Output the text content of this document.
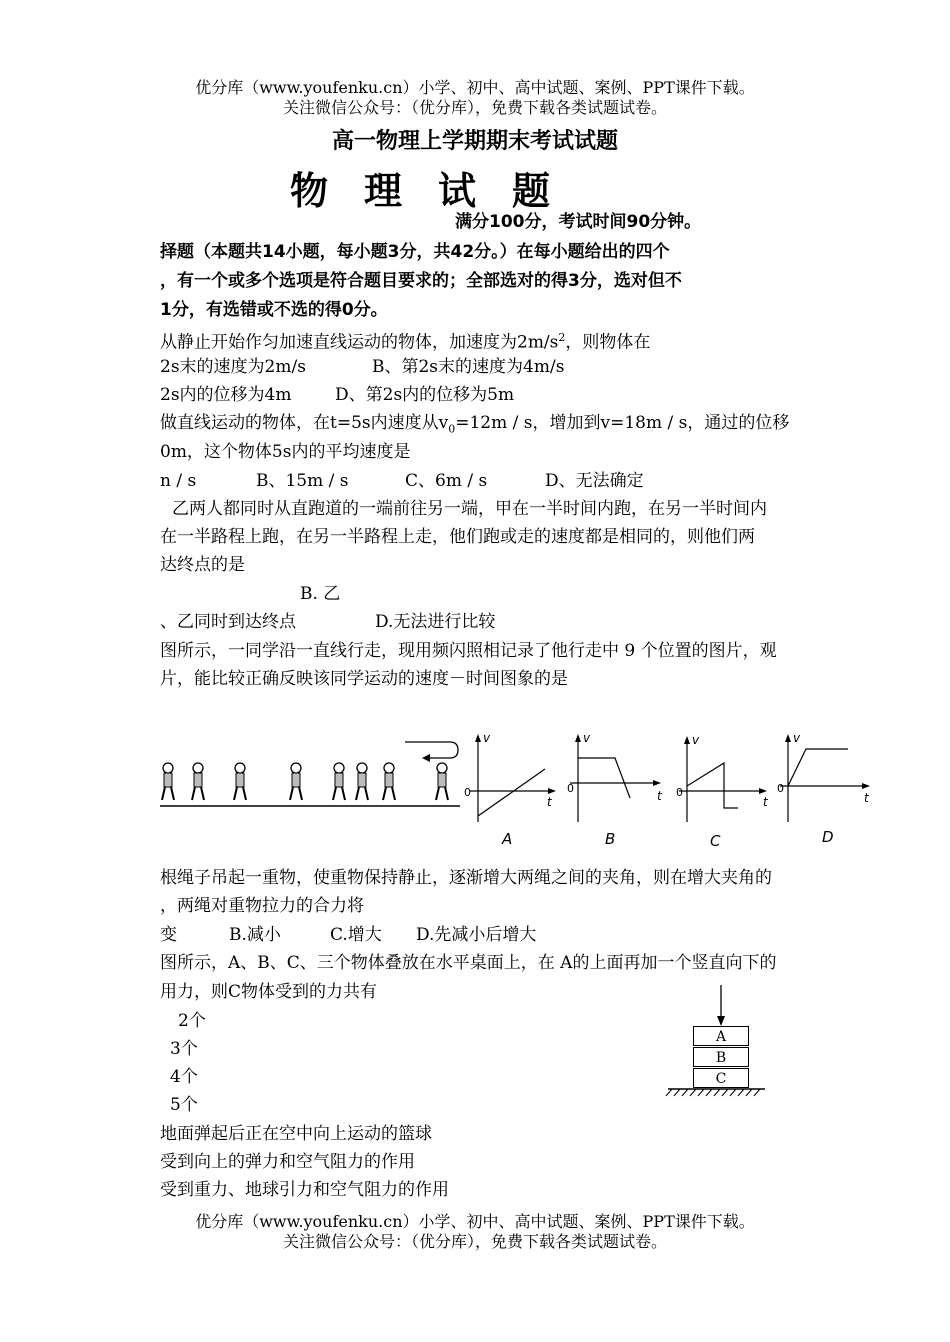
优分库（www.youfenku.cn）小学、初中、高中试题、案例、PPT课件下载。
关注微信公众号：（优分库），免费下载各类试题试卷。
高一物理上学期期末考试试题
物 理 试 题
满分100分，考试时间90分钟。
择题（本题共14小题，每小题3分，共42分。）在每小题给出的四个
，有一个或多个选项是符合题目要求的；全部选对的得3分，选对但不
1分，有选错或不选的得0分。
从静止开始作匀加速直线运动的物体，加速度为$2m/s^2$，则物体在
2s末的速度为2m/s	B、第2s末的速度为4m/s
2s内的位移为4m	D、第2s内的位移为5m
做直线运动的物体，在t=5s内速度从$v_0=12m / s$，增加到v=18m / s，通过的位移
0m，这个物体5s内的平均速度是
n / s	B、15m / s	C、6m / s	D、无法确定
乙两人都同时从直跑道的一端前往另一端，甲在一半时间内跑，在另一半时间内
在一半路程上跑，在另一半路程上走，他们跑或走的速度都是相同的，则他们两
达终点的是
B. 乙
、乙同时到达终点	D.无法进行比较
图所示，一同学沿一直线行走，现用频闪照相记录了他行走中 9 个位置的图片，观
片，能比较正确反映该同学运动的速度－时间图象的是
根绳子吊起一重物，使重物保持静止，逐渐增大两绳之间的夹角，则在增大夹角的
，两绳对重物拉力的合力将
变	B.减小	C.增大 D.先减小后增大
图所示，A、B、C、三个物体叠放在水平桌面上，在 A的上面再加一个竖直向下的
用力，则C物体受到的力共有
2个
3个
4个
5个
地面弹起后正在空中向上运动的篮球
受到向上的弹力和空气阻力的作用
受到重力、地球引力和空气阻力的作用
v
t
0
A
v
t
0
B
v
t
0
C
v
t
0
D
A
B
C
优分库（www.youfenku.cn）小学、初中、高中试题、案例、PPT课件下载。
关注微信公众号：（优分库），免费下载各类试题试卷。
